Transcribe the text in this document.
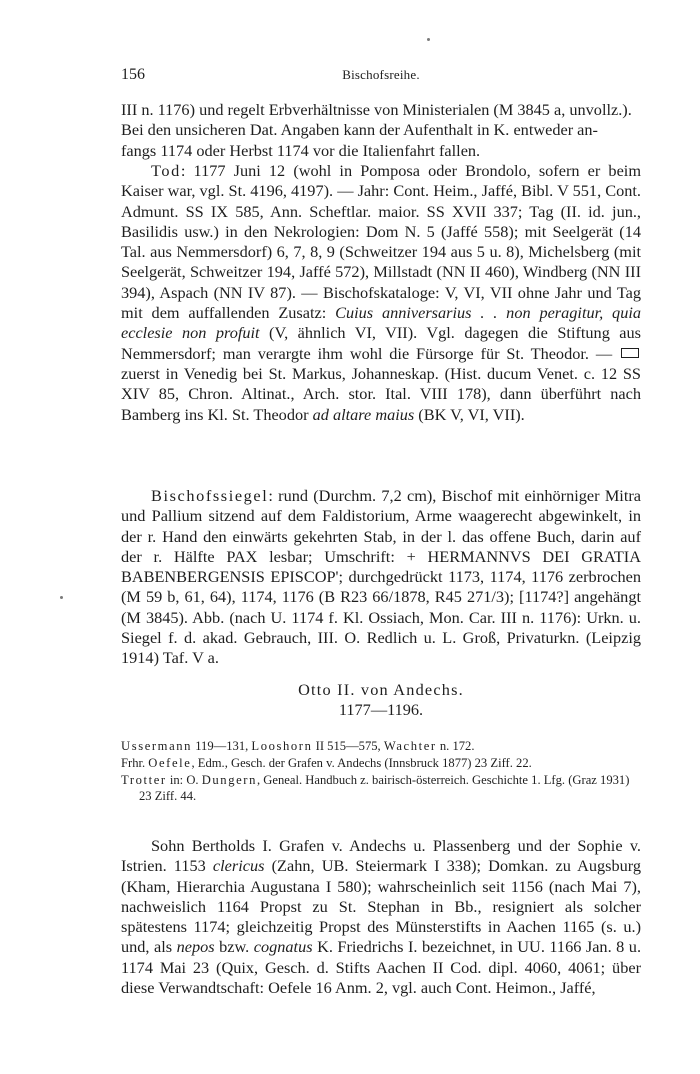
156	Bischofsreihe.

III n. 1176) und regelt Erbverhältnisse von Ministerialen (M 3845 a, unvollz.).

Bei den unsicheren Dat. Angaben kann der Aufenthalt in K. entweder an-

fangs 1174 oder Herbst 1174 vor die Italienfahrt fallen.

Tod: 1177 Juni 12 (wohl in Pomposa oder Brondolo, sofern er beim Kaiser war, vgl. St. 4196, 4197). — Jahr: Cont. Heim., Jaffé, Bibl. V 551, Cont. Admunt. SS IX 585, Ann. Scheftlar. maior. SS XVII 337; Tag (II. id. jun., Basilidis usw.) in den Nekrologien: Dom N. 5 (Jaffé 558); mit Seelgerät (14 Tal. aus Nemmersdorf) 6, 7, 8, 9 (Schweitzer 194 aus 5 u. 8), Michelsberg (mit Seelgerät, Schweitzer 194, Jaffé 572), Millstadt (NN II 460), Windberg (NN III 394), Aspach (NN IV 87). — Bischofskataloge: V, VI, VII ohne Jahr und Tag mit dem auffallenden Zusatz: Cuius anniversarius . . non peragitur, quia ecclesie non profuit (V, ähnlich VI, VII). Vgl. dagegen die Stiftung aus Nemmersdorf; man verargte ihm wohl die Fürsorge für St. Theodor. —  zuerst in Venedig bei St. Markus, Johanneskap. (Hist. ducum Venet. c. 12 SS XIV 85, Chron. Altinat., Arch. stor. Ital. VIII 178), dann überführt nach Bamberg ins Kl. St. Theodor ad altare maius (BK V, VI, VII).

Bischofssiegel: rund (Durchm. 7,2 cm), Bischof mit einhörniger Mitra und Pallium sitzend auf dem Faldistorium, Arme waagerecht abgewinkelt, in der r. Hand den einwärts gekehrten Stab, in der l. das offene Buch, darin auf der r. Hälfte PAX lesbar; Umschrift: + HERMANNVS DEI GRATIA BABENBERGENSIS EPISCOP'; durchgedrückt 1173, 1174, 1176 zerbrochen (M 59 b, 61, 64), 1174, 1176 (B R23 66/1878, R45 271/3); [1174?] angehängt (M 3845). Abb. (nach U. 1174 f. Kl. Ossiach, Mon. Car. III n. 1176): Urkn. u. Siegel f. d. akad. Gebrauch, III. O. Redlich u. L. Groß, Privaturkn. (Leipzig 1914) Taf. V a.

Otto II. von Andechs.
1177—1196.
Ussermann 119—131, Looshorn II 515—575, Wachter n. 172.
Frhr. Oefele, Edm., Gesch. der Grafen v. Andechs (Innsbruck 1877) 23 Ziff. 22.
Trotter in: O. Dungern, Geneal. Handbuch z. bairisch-österreich. Geschichte 1. Lfg. (Graz 1931) 23 Ziff. 44.

Sohn Bertholds I. Grafen v. Andechs u. Plassenberg und der Sophie v. Istrien. 1153 clericus (Zahn, UB. Steiermark I 338); Domkan. zu Augsburg (Kham, Hierarchia Augustana I 580); wahrscheinlich seit 1156 (nach Mai 7), nachweislich 1164 Propst zu St. Stephan in Bb., resigniert als solcher spätestens 1174; gleichzeitig Propst des Münsterstifts in Aachen 1165 (s. u.) und, als nepos bzw. cognatus K. Friedrichs I. bezeichnet, in UU. 1166 Jan. 8 u. 1174 Mai 23 (Quix, Gesch. d. Stifts Aachen II Cod. dipl. 4060, 4061; über diese Verwandtschaft: Oefele 16 Anm. 2, vgl. auch Cont. Heimon., Jaffé,
